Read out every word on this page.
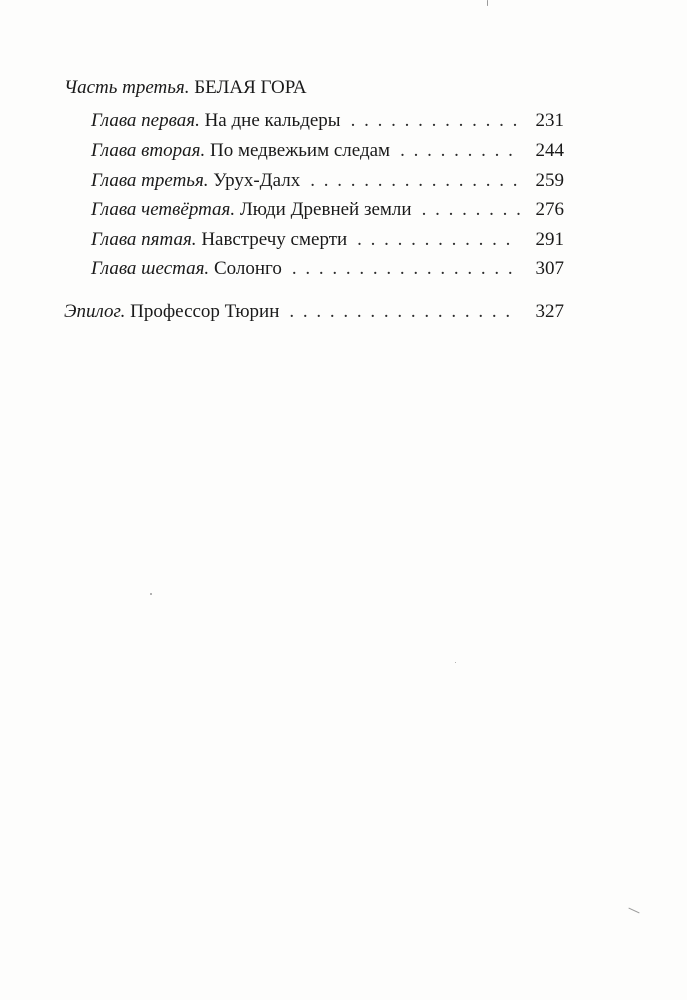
Часть третья. БЕЛАЯ ГОРА
Глава первая. На дне кальдеры . . .	231
Глава вторая. По медвежьим следам . . .	244
Глава третья. Урух-Далх . . .	259
Глава четвёртая. Люди Древней земли . . .	276
Глава пятая. Навстречу смерти . . .	291
Глава шестая. Солонго . . .	307
Эпилог. Профессор Тюрин . . .	327
